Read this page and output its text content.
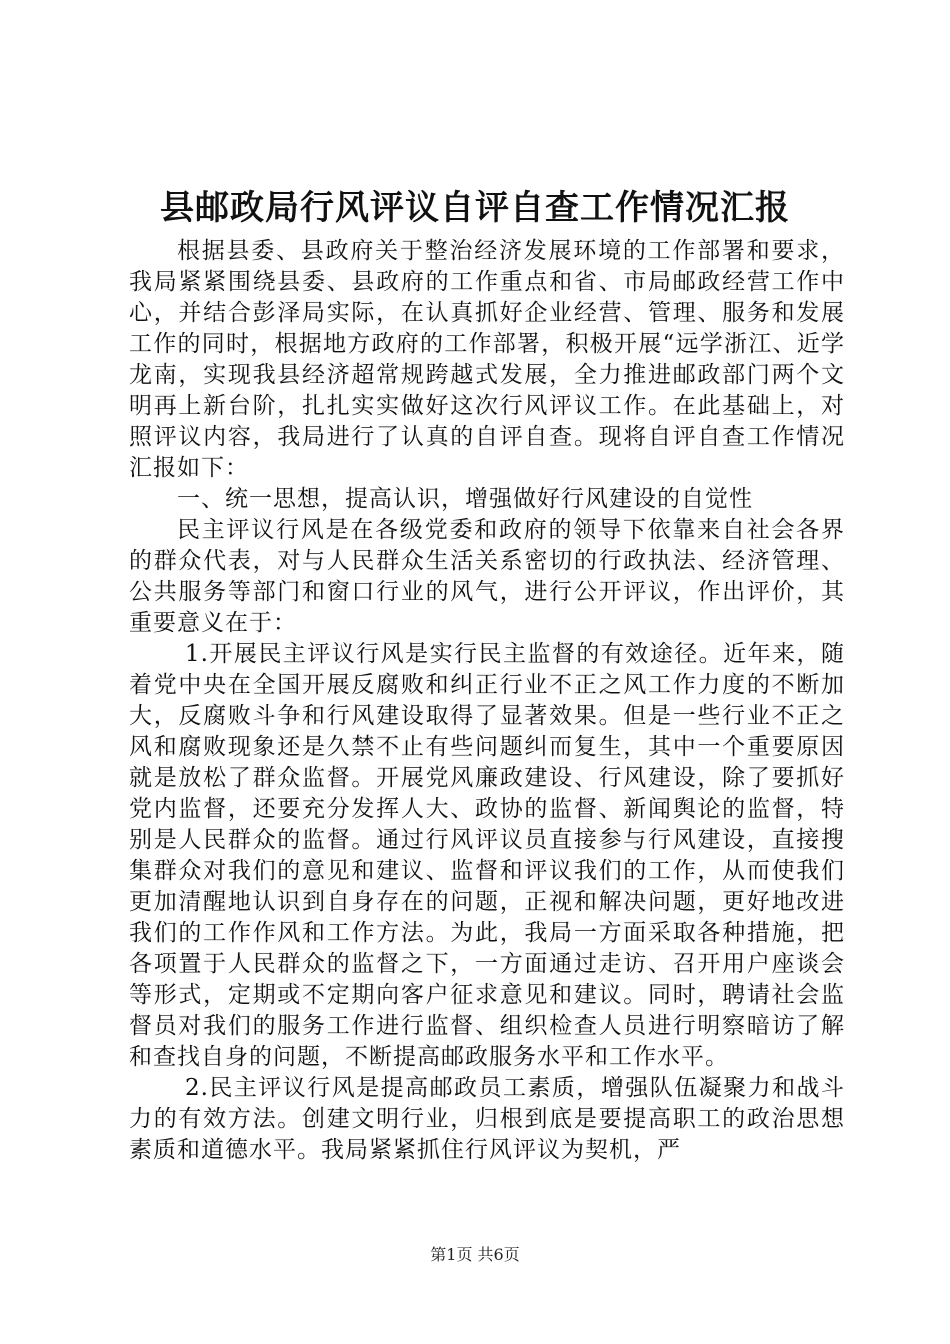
县邮政局行风评议自评自查工作情况汇报

根据县委、县政府关于整治经济发展环境的工作部署和要求，我局紧紧围绕县委、县政府的工作重点和省、市局邮政经营工作中心，并结合彭泽局实际，在认真抓好企业经营、管理、服务和发展工作的同时，根据地方政府的工作部署，积极开展“远学浙江、近学龙南，实现我县经济超常规跨越式发展，全力推进邮政部门两个文明再上新台阶，扎扎实实做好这次行风评议工作。在此基础上，对照评议内容，我局进行了认真的自评自查。现将自评自查工作情况汇报如下：

一、统一思想，提高认识，增强做好行风建设的自觉性

民主评议行风是在各级党委和政府的领导下依靠来自社会各界的群众代表，对与人民群众生活关系密切的行政执法、经济管理、公共服务等部门和窗口行业的风气，进行公开评议，作出评价，其重要意义在于：

1.开展民主评议行风是实行民主监督的有效途径。近年来，随着党中央在全国开展反腐败和纠正行业不正之风工作力度的不断加大，反腐败斗争和行风建设取得了显著效果。但是一些行业不正之风和腐败现象还是久禁不止有些问题纠而复生，其中一个重要原因就是放松了群众监督。开展党风廉政建设、行风建设，除了要抓好党内监督，还要充分发挥人大、政协的监督、新闻舆论的监督，特别是人民群众的监督。通过行风评议员直接参与行风建设，直接搜集群众对我们的意见和建议、监督和评议我们的工作，从而使我们更加清醒地认识到自身存在的问题，正视和解决问题，更好地改进我们的工作作风和工作方法。为此，我局一方面采取各种措施，把各项置于人民群众的监督之下，一方面通过走访、召开用户座谈会等形式，定期或不定期向客户征求意见和建议。同时，聘请社会监督员对我们的服务工作进行监督、组织检查人员进行明察暗访了解和查找自身的问题，不断提高邮政服务水平和工作水平。

2.民主评议行风是提高邮政员工素质，增强队伍凝聚力和战斗力的有效方法。创建文明行业，归根到底是要提高职工的政治思想素质和道德水平。我局紧紧抓住行风评议为契机，严

第1页 共6页
